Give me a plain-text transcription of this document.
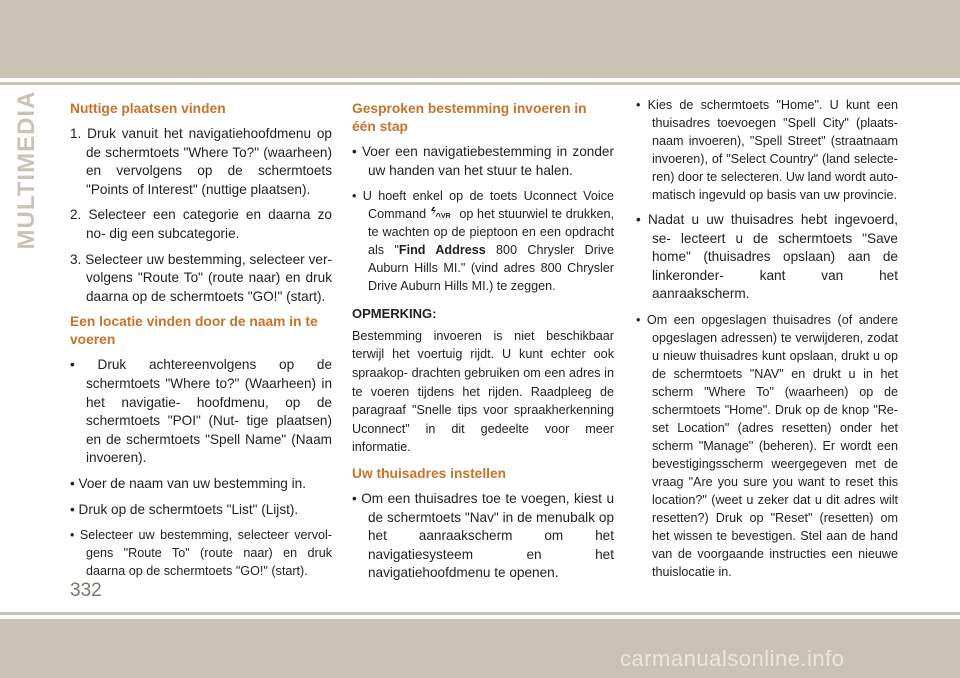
MULTIMEDIA Nuttige plaatsen vinden

1. Druk vanuit het navigatiehoofdmenu op de schermtoets "Where To?" (waarheen) en vervolgens op de schermtoets "Points of Interest" (nuttige plaatsen).

2. Selecteer een categorie en daarna zo no- dig een subcategorie.

3. Selecteer uw bestemming, selecteer ver- volgens "Route To" (route naar) en druk daarna op de schermtoets "GO!" (start).

Een locatie vinden door de naam in te voeren

• Druk achtereenvolgens op de schermtoets "Where to?" (Waarheen) in het navigatie- hoofdmenu, op de schermtoets "POI" (Nut- tige plaatsen) en de schermtoets "Spell Name" (Naam invoeren).

• Voer de naam van uw bestemming in.

• Druk op de schermtoets "List" (Lijst).

• Selecteer uw bestemming, selecteer vervol- gens "Route To" (route naar) en druk daarna op de schermtoets "GO!" (start).

Gesproken bestemming invoeren in één stap

• Voer een navigatiebestemming in zonder uw handen van het stuur te halen.

• U hoeft enkel op de toets Uconnect Voice Command VR op het stuurwiel te drukken, te wachten op de pieptoon en een opdracht als "Find Address 800 Chrysler Drive Auburn Hills MI." (vind adres 800 Chrysler Drive Auburn Hills MI.) te zeggen.

OPMERKING:

Bestemming invoeren is niet beschikbaar terwijl het voertuig rijdt. U kunt echter ook spraakop- drachten gebruiken om een adres in te voeren tijdens het rijden. Raadpleeg de paragraaf "Snelle tips voor spraakherkenning Uconnect" in dit gedeelte voor meer informatie.

Uw thuisadres instellen

• Om een thuisadres toe te voegen, kiest u de schermtoets "Nav" in de menubalk op het aanraakscherm om het navigatiesysteem en het navigatiehoofdmenu te openen.

• Kies de schermtoets "Home". U kunt een thuisadres toevoegen "Spell City" (plaats- naam invoeren), "Spell Street" (straatnaam invoeren), of "Select Country" (land selecte- ren) door te selecteren. Uw land wordt auto- matisch ingevuld op basis van uw provincie.

• Nadat u uw thuisadres hebt ingevoerd, se- lecteert u de schermtoets "Save home" (thuisadres opslaan) aan de linkeronder- kant van het aanraakscherm.

• Om een opgeslagen thuisadres (of andere opgeslagen adressen) te verwijderen, zodat u nieuw thuisadres kunt opslaan, drukt u op de schermtoets "NAV" en drukt u in het scherm "Where To" (waarheen) op de schermtoets "Home". Druk op de knop "Re- set Location" (adres resetten) onder het scherm "Manage" (beheren). Er wordt een bevestigingsscherm weergegeven met de vraag "Are you sure you want to reset this location?" (weet u zeker dat u dit adres wilt resetten?) Druk op "Reset" (resetten) om het wissen te bevestigen. Stel aan de hand van de voorgaande instructies een nieuwe thuislocatie in.

332
carmanualsonline.info
